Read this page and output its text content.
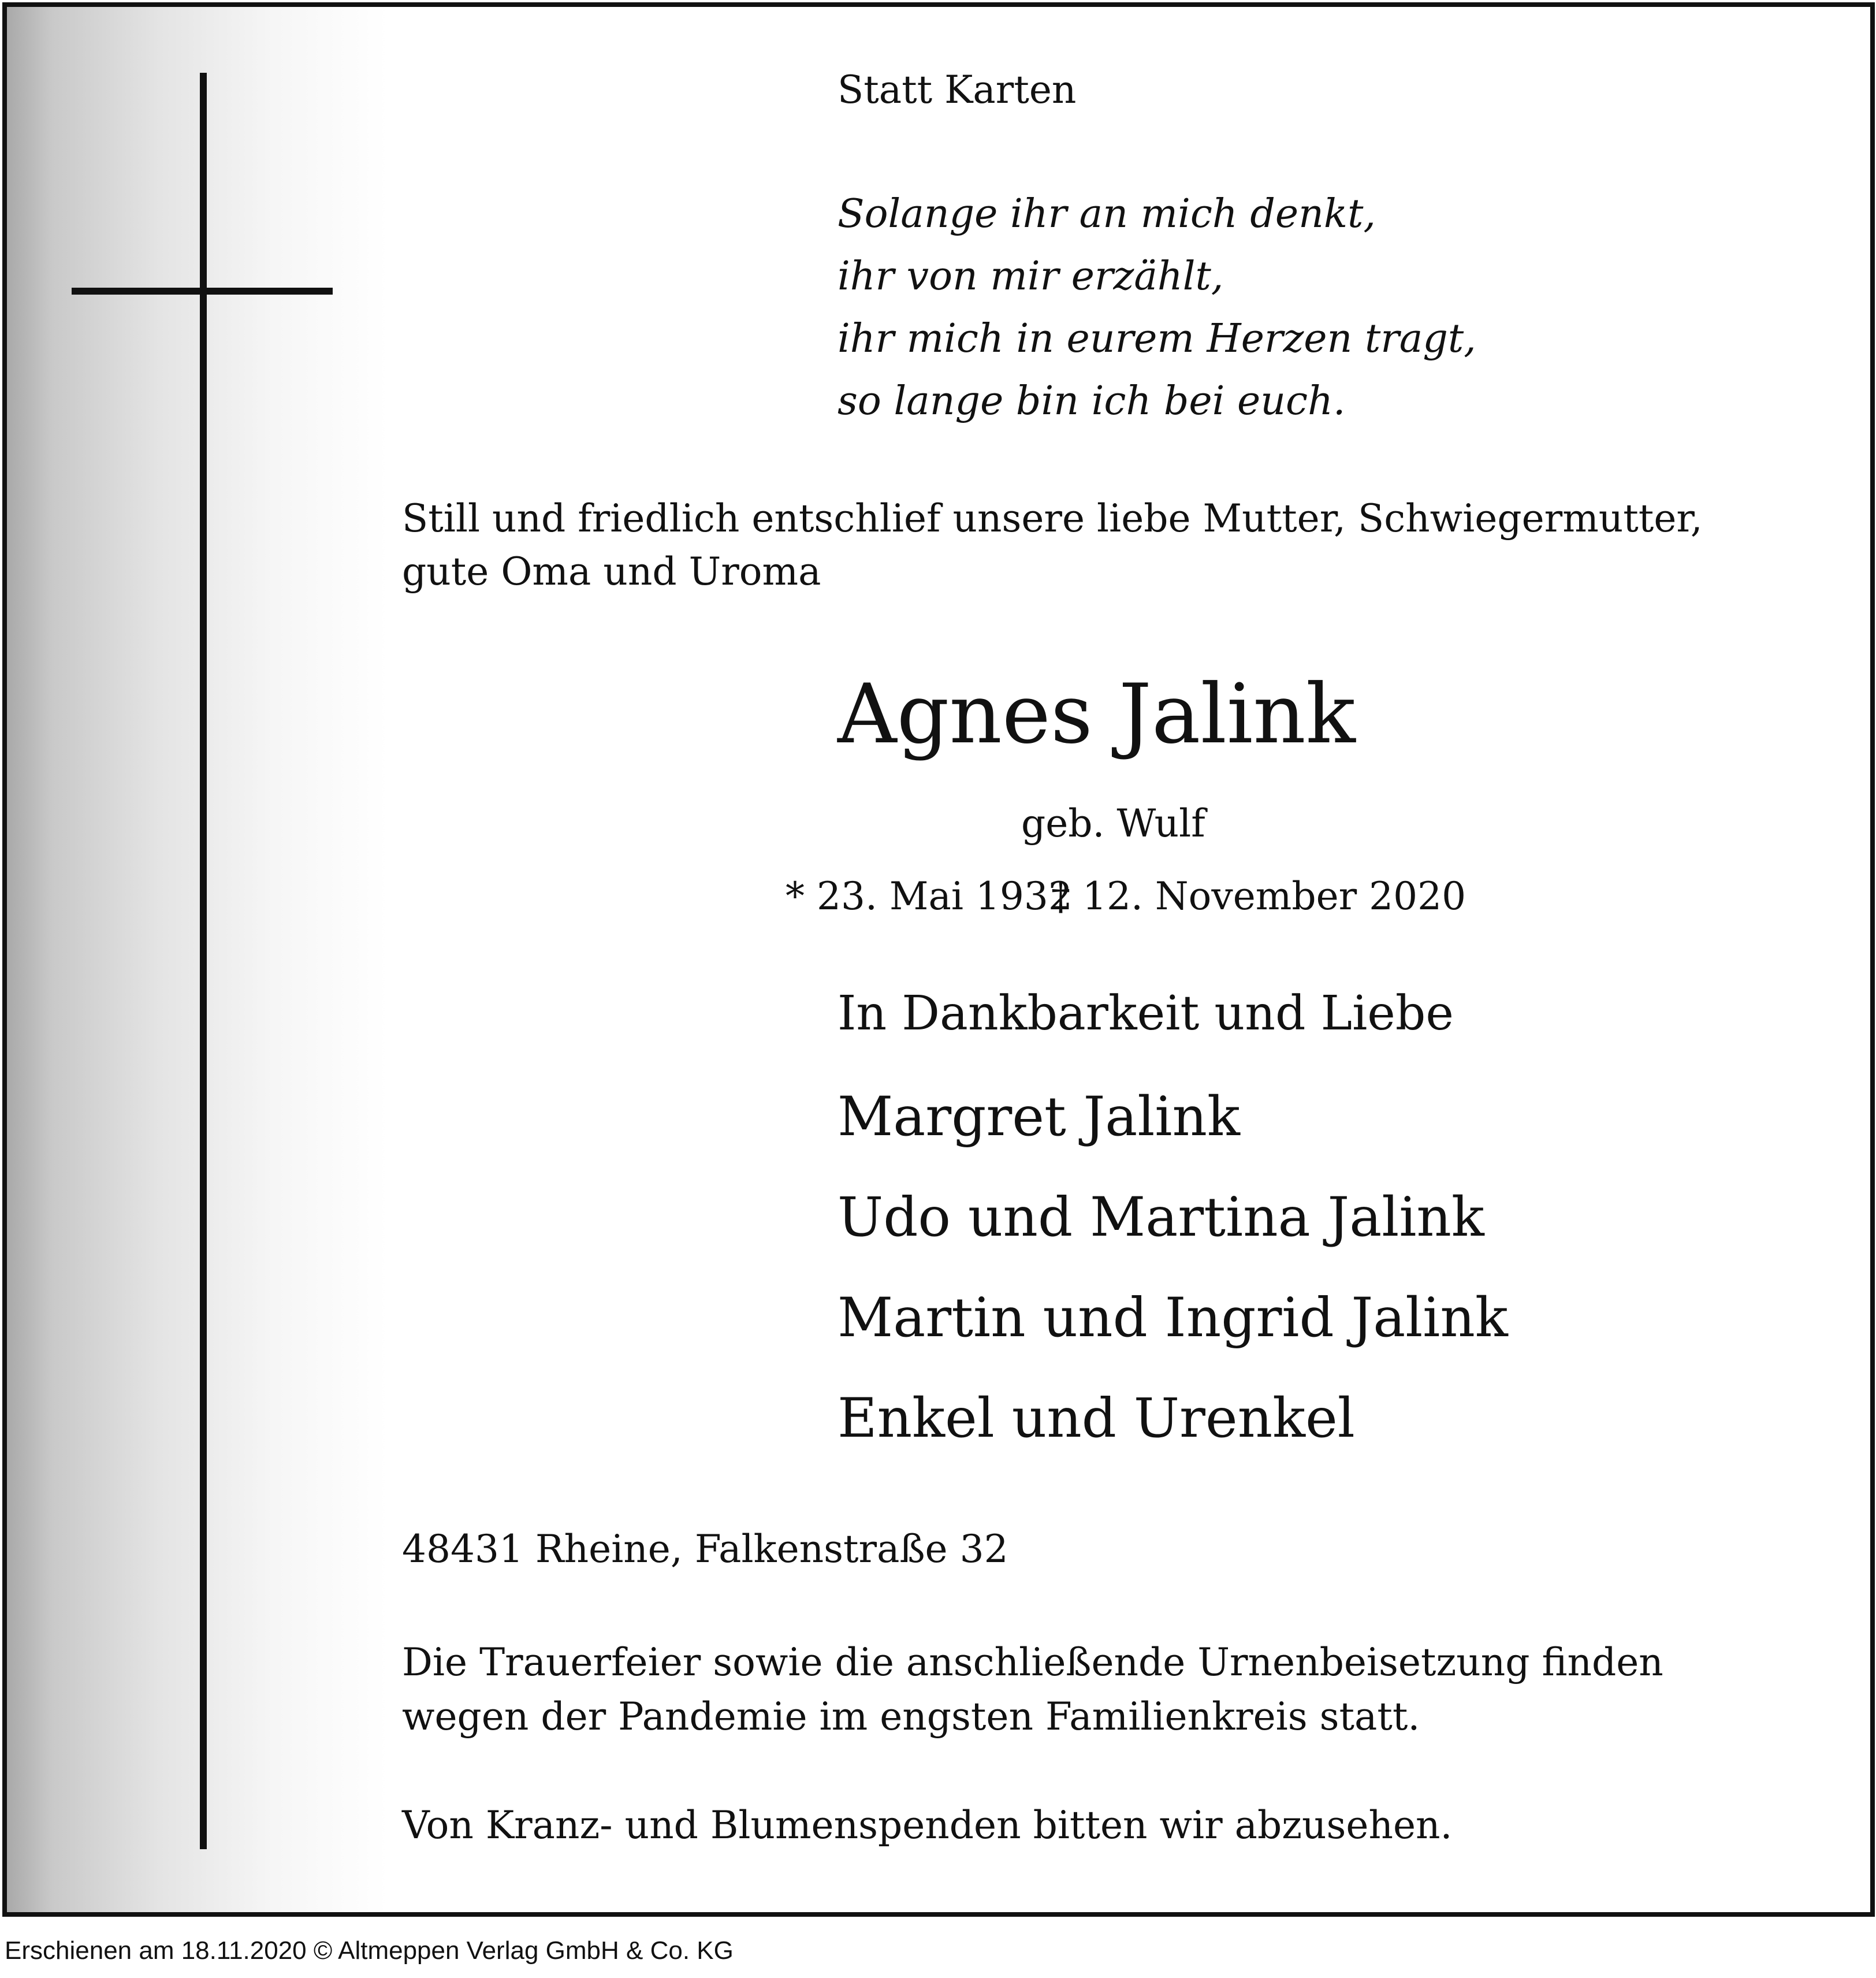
Statt Karten
Solange ihr an mich denkt,
ihr von mir erzählt,
ihr mich in eurem Herzen tragt,
so lange bin ich bei euch.
Still und friedlich entschlief unsere liebe Mutter, Schwiegermutter,
gute Oma und Uroma
Agnes Jalink
geb. Wulf
* 23. Mai 1932
† 12. November 2020
In Dankbarkeit und Liebe
Margret Jalink
Udo und Martina Jalink
Martin und Ingrid Jalink
Enkel und Urenkel
48431 Rheine, Falkenstraße 32
Die Trauerfeier sowie die anschließende Urnenbeisetzung finden
wegen der Pandemie im engsten Familienkreis statt.
Von Kranz- und Blumenspenden bitten wir abzusehen.
Erschienen am 18.11.2020 © Altmeppen Verlag GmbH & Co. KG
